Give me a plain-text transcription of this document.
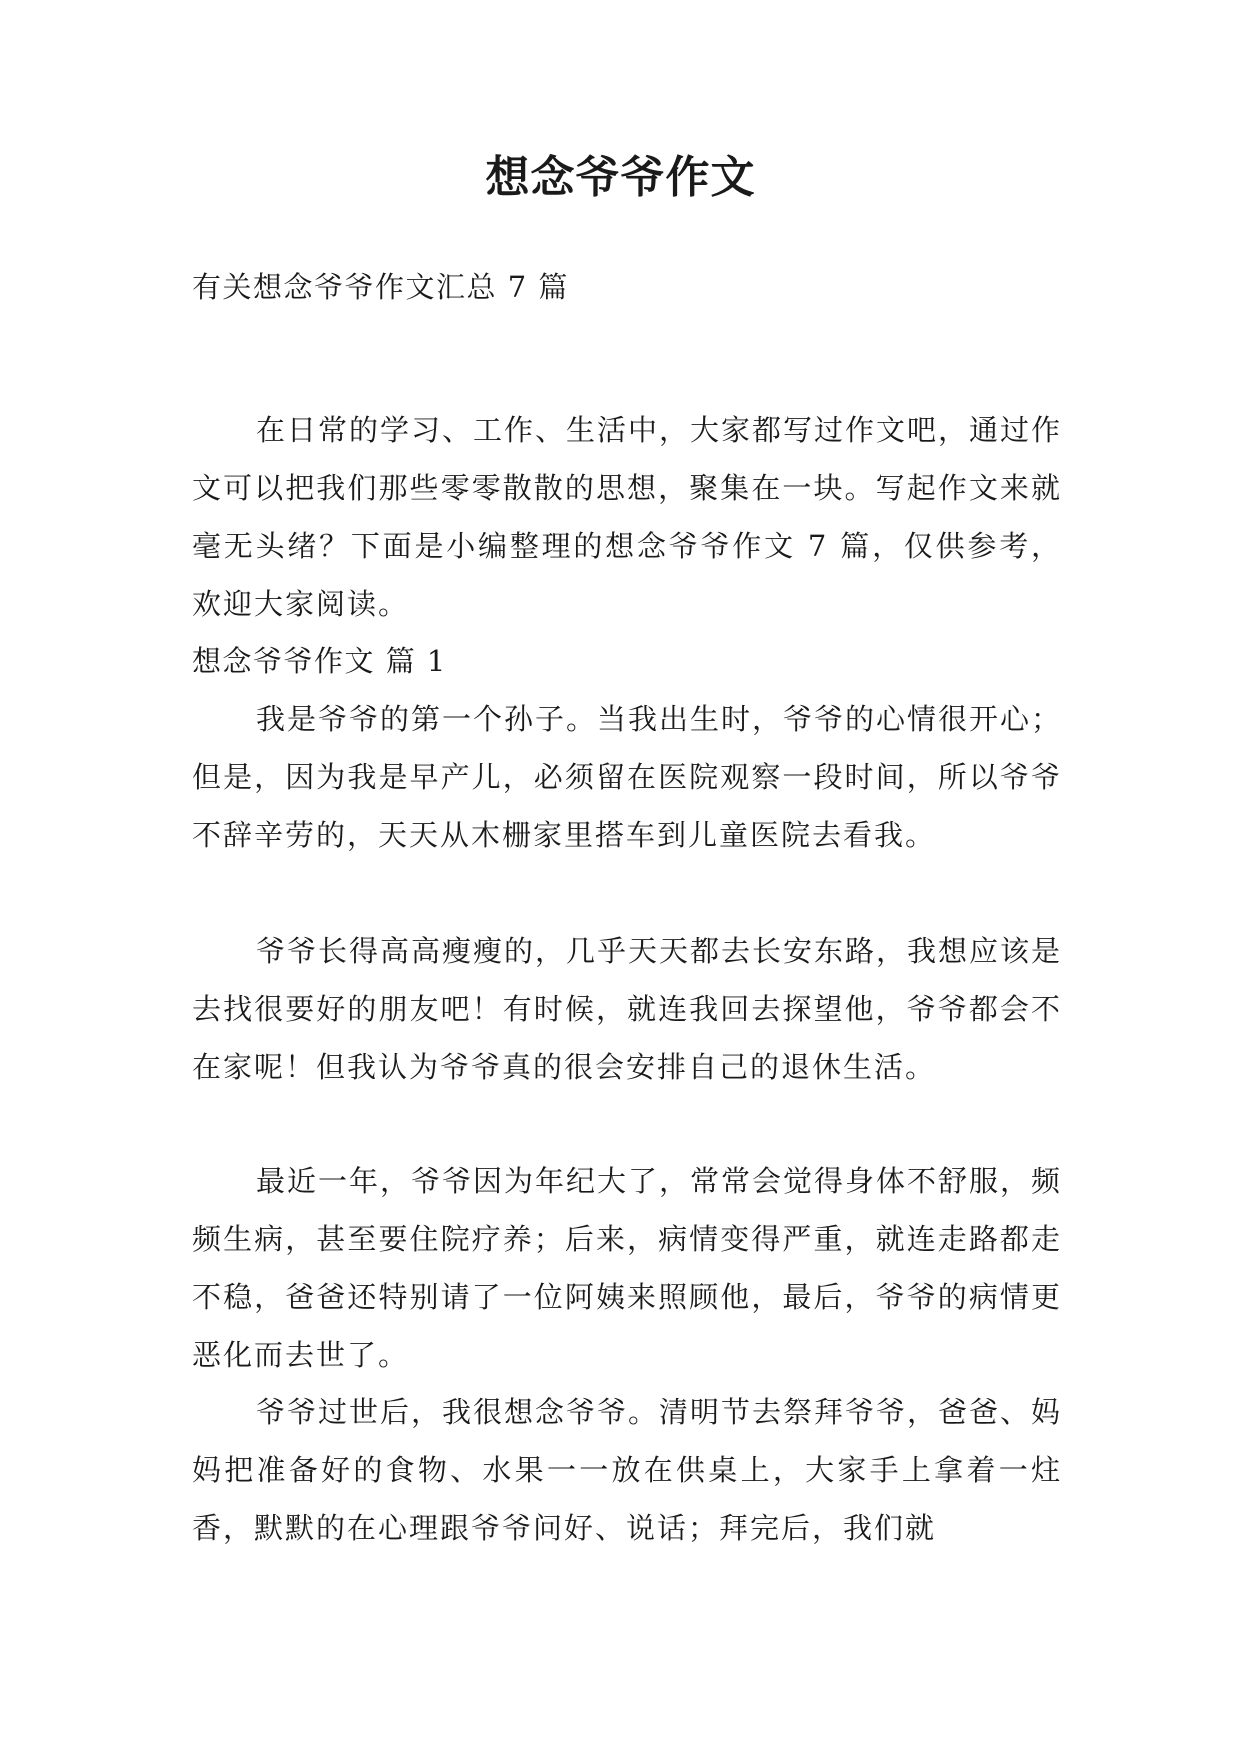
想念爷爷作文

有关想念爷爷作文汇总 7 篇

在日常的学习、工作、生活中，大家都写过作文吧，通过作文可以把我们那些零零散散的思想，聚集在一块。写起作文来就毫无头绪？下面是小编整理的想念爷爷作文 7 篇，仅供参考，欢迎大家阅读。

想念爷爷作文 篇 1

我是爷爷的第一个孙子。当我出生时，爷爷的心情很开心；但是，因为我是早产儿，必须留在医院观察一段时间，所以爷爷不辞辛劳的，天天从木栅家里搭车到儿童医院去看我。

爷爷长得高高瘦瘦的，几乎天天都去长安东路，我想应该是去找很要好的朋友吧！有时候，就连我回去探望他，爷爷都会不在家呢！但我认为爷爷真的很会安排自己的退休生活。

最近一年，爷爷因为年纪大了，常常会觉得身体不舒服，频频生病，甚至要住院疗养；后来，病情变得严重，就连走路都走不稳，爸爸还特别请了一位阿姨来照顾他，最后，爷爷的病情更恶化而去世了。

爷爷过世后，我很想念爷爷。清明节去祭拜爷爷，爸爸、妈妈把准备好的食物、水果一一放在供桌上，大家手上拿着一炷香，默默的在心理跟爷爷问好、说话；拜完后，我们就
